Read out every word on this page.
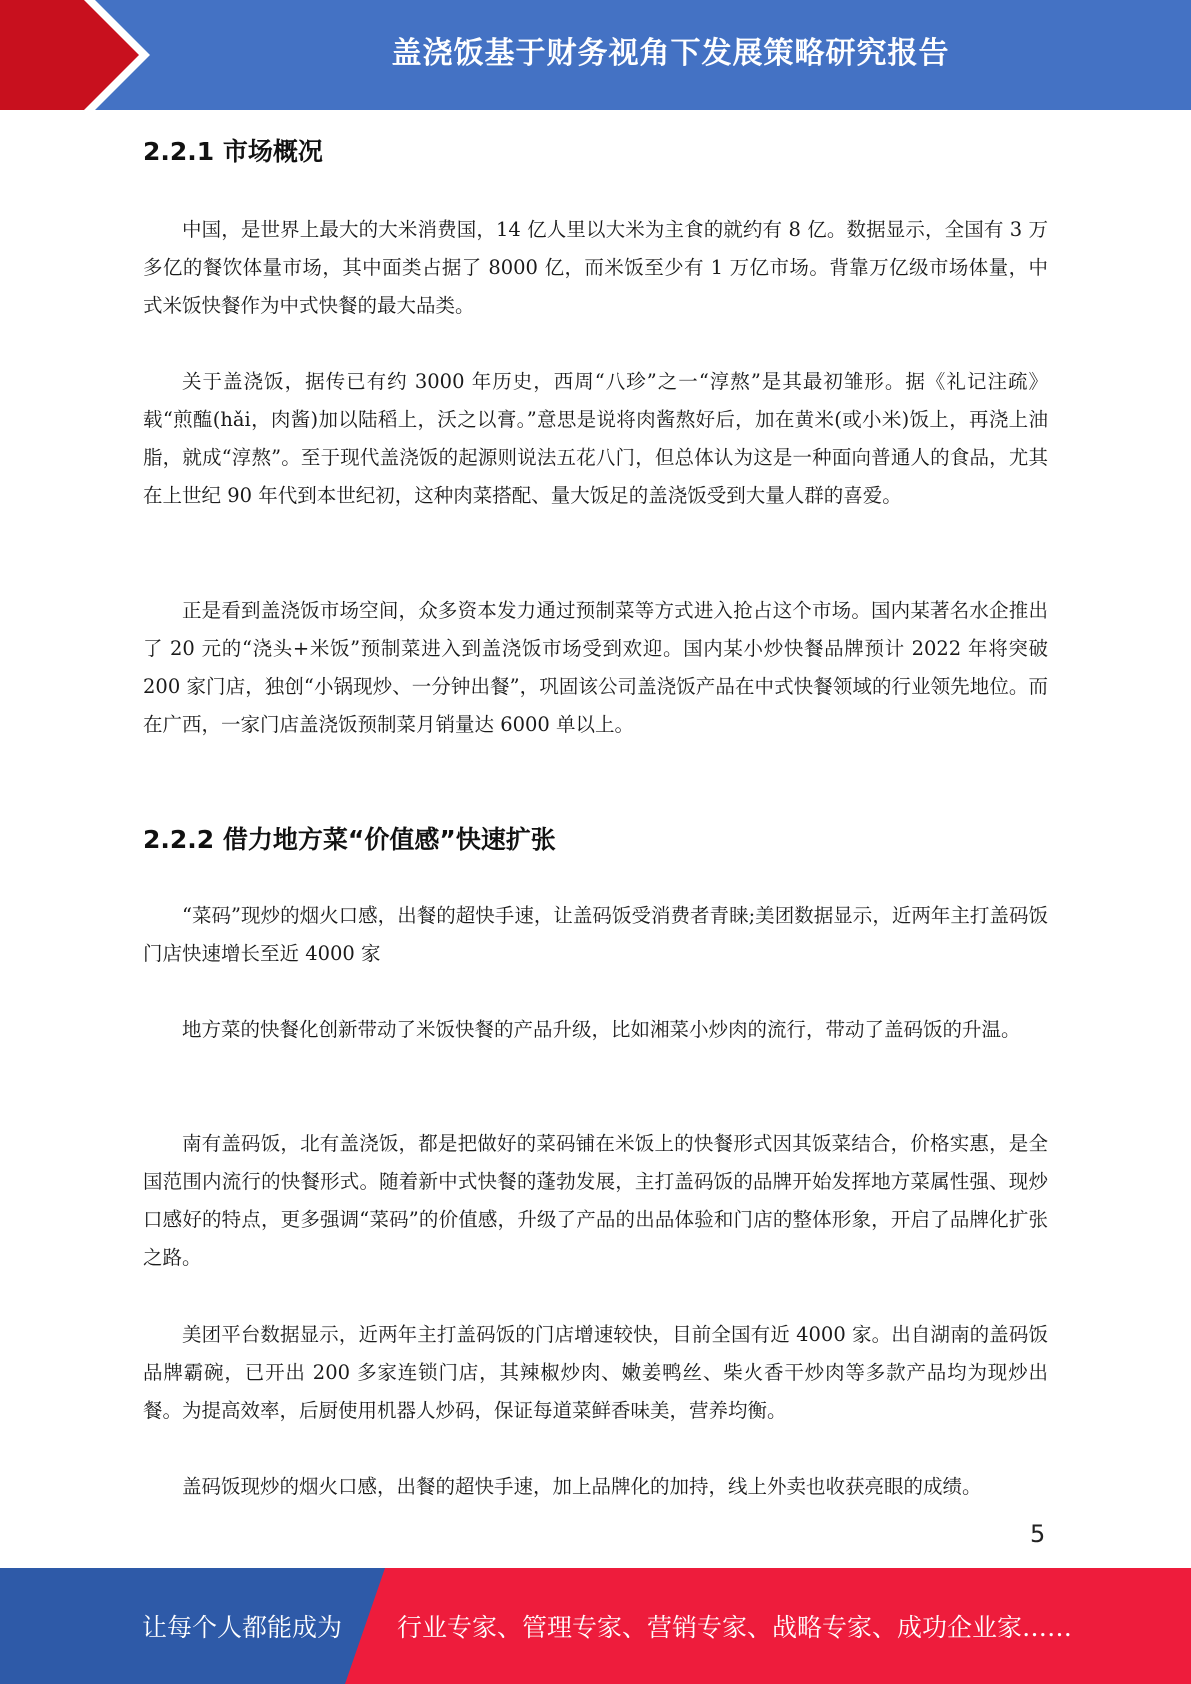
盖浇饭基于财务视角下发展策略研究报告
2.2.1 市场概况

中国，是世界上最大的大米消费国，14 亿人里以大米为主食的就约有 8 亿。数据显示，全国有 3 万多亿的餐饮体量市场，其中面类占据了 8000 亿，而米饭至少有 1 万亿市场。背靠万亿级市场体量，中式米饭快餐作为中式快餐的最大品类。

关于盖浇饭，据传已有约 3000 年历史，西周“八珍”之一“淳熬”是其最初雏形。据《礼记注疏》载“煎醢(hǎi，肉酱)加以陆稻上，沃之以膏。”意思是说将肉酱熬好后，加在黄米(或小米)饭上，再浇上油脂，就成“淳熬”。至于现代盖浇饭的起源则说法五花八门，但总体认为这是一种面向普通人的食品，尤其在上世纪 90 年代到本世纪初，这种肉菜搭配、量大饭足的盖浇饭受到大量人群的喜爱。

正是看到盖浇饭市场空间，众多资本发力通过预制菜等方式进入抢占这个市场。国内某著名水企推出了 20 元的“浇头+米饭”预制菜进入到盖浇饭市场受到欢迎。国内某小炒快餐品牌预计 2022 年将突破 200 家门店，独创“小锅现炒、一分钟出餐”，巩固该公司盖浇饭产品在中式快餐领域的行业领先地位。而在广西，一家门店盖浇饭预制菜月销量达 6000 单以上。

2.2.2 借力地方菜“价值感”快速扩张

“菜码”现炒的烟火口感，出餐的超快手速，让盖码饭受消费者青睐;美团数据显示，近两年主打盖码饭门店快速增长至近 4000 家

地方菜的快餐化创新带动了米饭快餐的产品升级，比如湘菜小炒肉的流行，带动了盖码饭的升温。

南有盖码饭，北有盖浇饭，都是把做好的菜码铺在米饭上的快餐形式因其饭菜结合，价格实惠，是全国范围内流行的快餐形式。随着新中式快餐的蓬勃发展，主打盖码饭的品牌开始发挥地方菜属性强、现炒口感好的特点，更多强调“菜码”的价值感，升级了产品的出品体验和门店的整体形象，开启了品牌化扩张之路。

美团平台数据显示，近两年主打盖码饭的门店增速较快，目前全国有近 4000 家。出自湖南的盖码饭品牌霸碗，已开出 200 多家连锁门店，其辣椒炒肉、嫩姜鸭丝、柴火香干炒肉等多款产品均为现炒出餐。为提高效率，后厨使用机器人炒码，保证每道菜鲜香味美，营养均衡。

盖码饭现炒的烟火口感，出餐的超快手速，加上品牌化的加持，线上外卖也收获亮眼的成绩。

5
让每个人都能成为 行业专家、管理专家、营销专家、战略专家、成功企业家……
